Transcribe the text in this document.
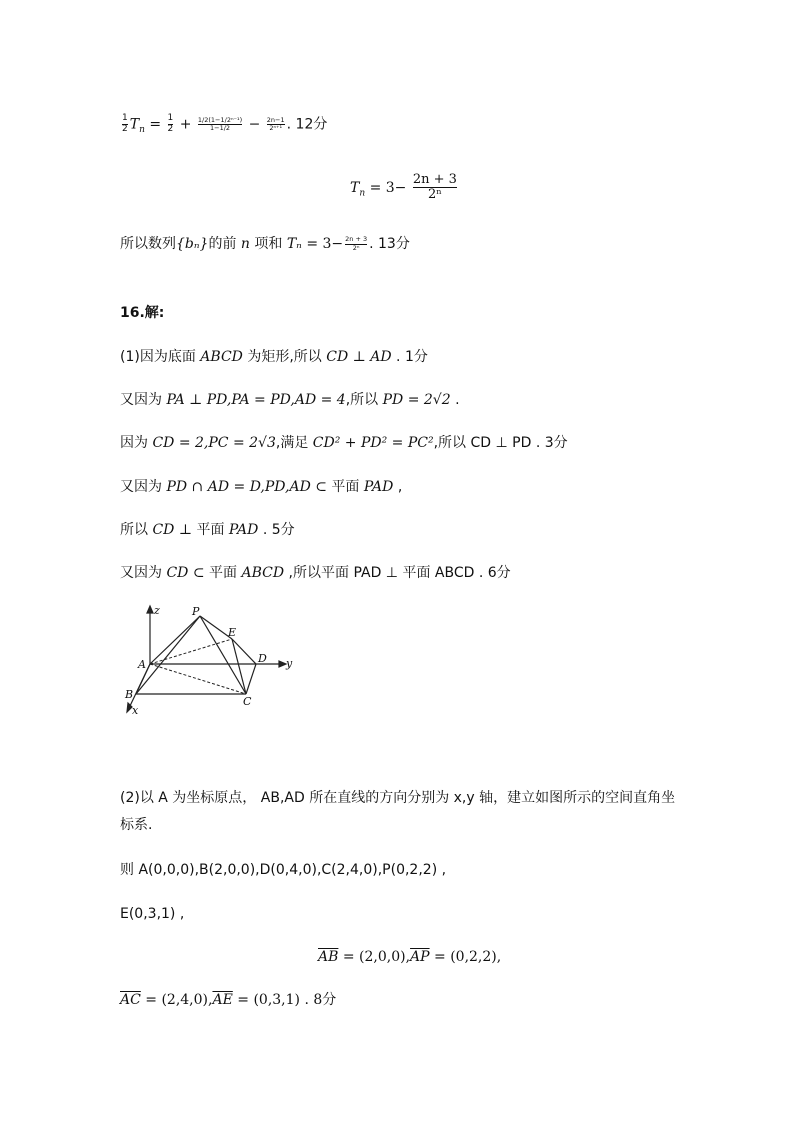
$\frac{1}{2} T_n = \frac{1}{2} + \frac{\text{1/2(1−1/2ⁿ⁻¹)}}{1-1/2} - \frac{2n-1}{\text{2ⁿ⁺¹}}$ . 12分
$T_n = 3- \frac{2n + 3}{\text{2ⁿ}}$
所以数列{bₙ}的前 n 项和 $T_n = 3- \frac{2n + 3}{\text{2ⁿ}}$ . 13分
16.解:
(1)因为底面 ABCD 为矩形,所以 CD ⊥ AD . 1分
又因为 PA ⊥ PD,PA = PD,AD = 4,所以 PD = 2√2 .
因为 CD = 2,PC = 2√3,满足 CD² + PD² = PC²,所以 CD ⊥ PD . 3分
又因为 PD ∩ AD = D,PD,AD ⊂ 平面 PAD ,
所以 CD ⊥ 平面 PAD . 5分
又因为 CD ⊂ 平面 ABCD ,所以平面 PAD ⊥ 平面 ABCD . 6分
z	P
E
A	D y
B
C
x
(2)以 A 为坐标原点， AB,AD 所在直线的方向分别为 x,y 轴，建立如图所示的空间直角坐
标系.
则 A(0,0,0),B(2,0,0),D(0,4,0),C(2,4,0),P(0,2,2) ,
E(0,3,1) ,
$\overline{AB} = (2,0,0),\overline{AP} = (0,2,2)$,
$\overline{AC} = (2,4,0),\overline{AE} = (0,3,1)$ . 8分
